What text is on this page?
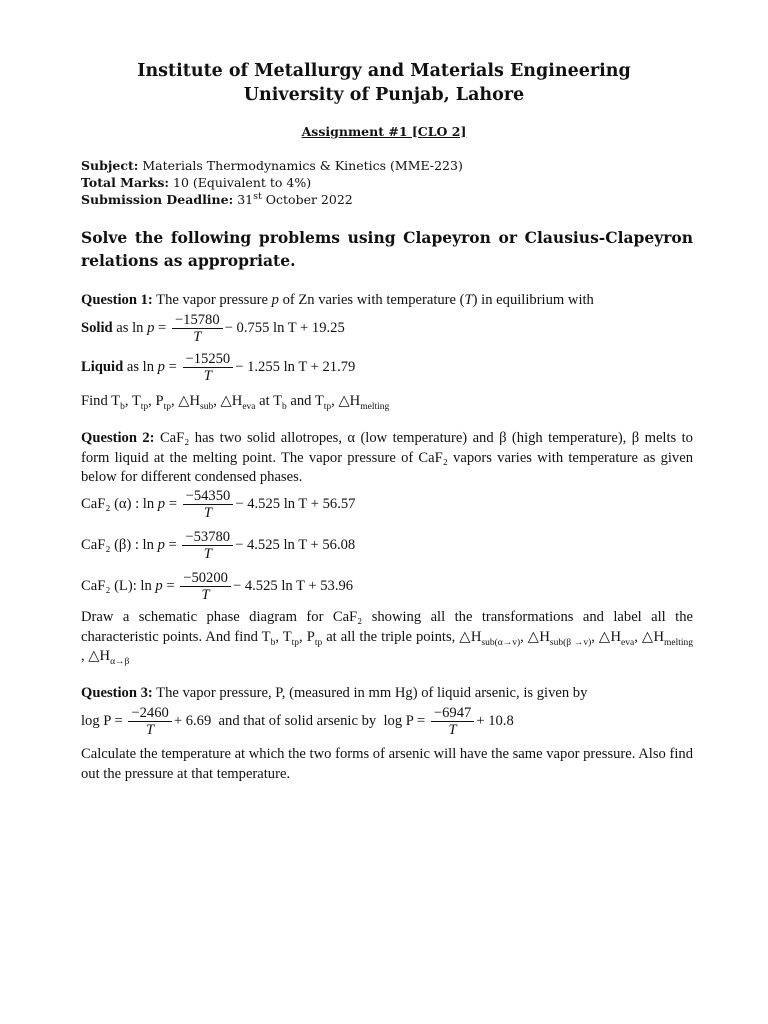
Institute of Metallurgy and Materials Engineering
University of Punjab, Lahore
Assignment #1 [CLO 2]
Subject: Materials Thermodynamics & Kinetics (MME-223)
Total Marks: 10 (Equivalent to 4%)
Submission Deadline: 31st October 2022
Solve the following problems using Clapeyron or Clausius-Clapeyron relations as appropriate.
Question 1: The vapor pressure p of Zn varies with temperature (T) in equilibrium with
Solid as $\ln p = \frac{-15780}{T} - 0.755$ ln T + 19.25
Liquid as $\ln p = \frac{-15250}{T} - 1.255$ ln T + 21.79
Find $T_b$, $T_{tp}$, $P_{tp}$, $\triangle H_{sub}$, $\triangle H_{eva}$ at $T_b$ and $T_{tp}$, $\triangle H_{melting}$
Question 2: CaF₂ has two solid allotropes, α (low temperature) and β (high temperature), β melts to form liquid at the melting point. The vapor pressure of CaF₂ vapors varies with temperature as given below for different condensed phases.
CaF₂ (α) : $\ln p = \frac{-54350}{T} - 4.525$ ln T + 56.57
CaF₂ (β) : $\ln p = \frac{-53780}{T} - 4.525$ ln T + 56.08
CaF₂ (L): $\ln p = \frac{-50200}{T} - 4.525$ ln T + 53.96
Draw a schematic phase diagram for CaF₂ showing all the transformations and label all the characteristic points. And find $T_b$, $T_{tp}$, $P_{tp}$ at all the triple points, $\triangle H_{sub(\alpha\to v)}$, $\triangle H_{sub(\beta \to v)}$, $\triangle H_{eva}$, $\triangle H_{melting}$ , $\triangle H_{\alpha\to\beta}$
Question 3: The vapor pressure, P, (measured in mm Hg) of liquid arsenic, is given by
$\log P = \frac{-2460}{T} + 6.69$  and that of solid arsenic by  $\log P = \frac{-6947}{T} + 10.8$
Calculate the temperature at which the two forms of arsenic will have the same vapor pressure. Also find out the pressure at that temperature.
